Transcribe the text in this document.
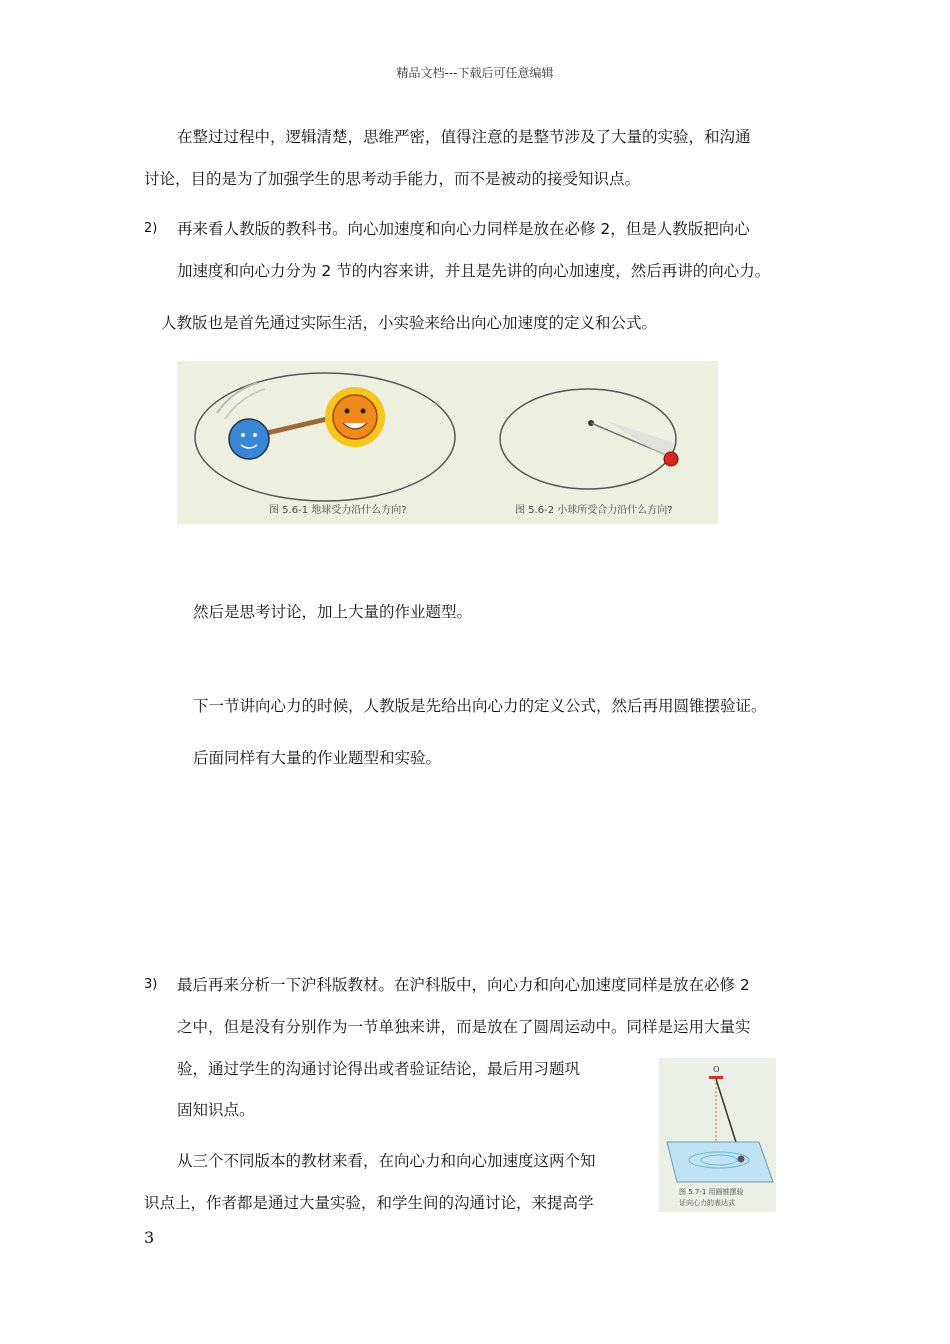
精品文档---下载后可任意编辑
在整过过程中，逻辑清楚，思维严密，值得注意的是整节涉及了大量的实验，和沟通
讨论，目的是为了加强学生的思考动手能力，而不是被动的接受知识点。
2) 再来看人教版的教科书。向心加速度和向心力同样是放在必修 2，但是人教版把向心
加速度和向心力分为 2 节的内容来讲，并且是先讲的向心加速度，然后再讲的向心力。
人教版也是首先通过实际生活，小实验来给出向心加速度的定义和公式。
图 5.6-1 地球受力沿什么方向?	图 5.6-2 小球所受合力沿什么方向?
然后是思考讨论，加上大量的作业题型。
下一节讲向心力的时候，人教版是先给出向心力的定义公式，然后再用圆锥摆验证。
后面同样有大量的作业题型和实验。
3) 最后再来分析一下沪科版教材。在沪科版中，向心力和向心加速度同样是放在必修 2
之中，但是没有分别作为一节单独来讲，而是放在了圆周运动中。同样是运用大量实
验，通过学生的沟通讨论得出或者验证结论，最后用习题巩
固知识点。
O
图 5.7-1 用圆锥摆验
证向心力的表达式
从三个不同版本的教材来看，在向心力和向心加速度这两个知
识点上，作者都是通过大量实验，和学生间的沟通讨论，来提高学
3
